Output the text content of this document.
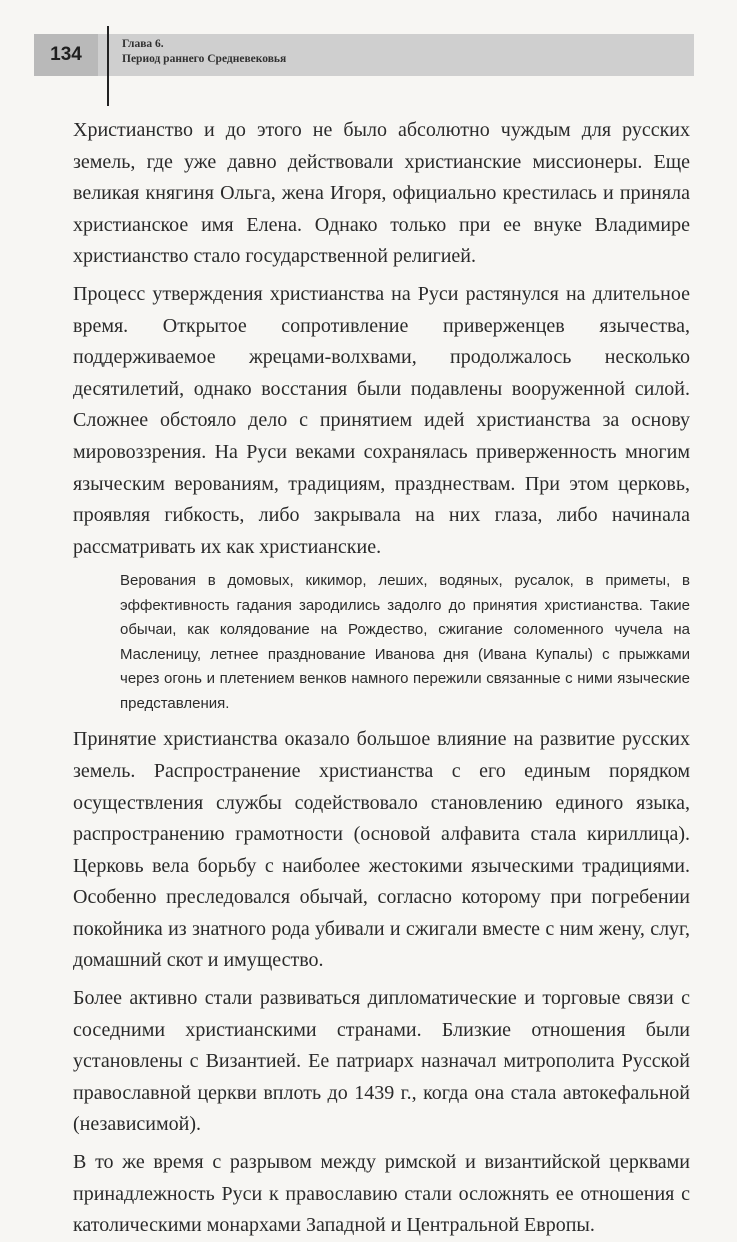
134	Глава 6.
Период раннего Средневековья

Христианство и до этого не было абсолютно чуждым для русских земель, где уже давно действовали христианские миссионеры. Еще великая княгиня Ольга, жена Игоря, официально крестилась и приняла христианское имя Елена. Однако только при ее внуке Владимире христианство стало государственной религией.

Процесс утверждения христианства на Руси растянулся на длительное время. Открытое сопротивление приверженцев язычества, поддерживаемое жрецами-волхвами, продолжалось несколько десятилетий, однако восстания были подавлены вооруженной силой. Сложнее обстояло дело с принятием идей христианства за основу мировоззрения. На Руси веками сохранялась приверженность многим языческим верованиям, традициям, празднествам. При этом церковь, проявляя гибкость, либо закрывала на них глаза, либо начинала рассматривать их как христианские.

Верования в домовых, кикимор, леших, водяных, русалок, в приметы, в эффективность гадания зародились задолго до принятия христианства. Такие обычаи, как колядование на Рождество, сжигание соломенного чучела на Масленицу, летнее празднование Иванова дня (Ивана Купалы) с прыжками через огонь и плетением венков намного пережили связанные с ними языческие представления.

Принятие христианства оказало большое влияние на развитие русских земель. Распространение христианства с его единым порядком осуществления службы содействовало становлению единого языка, распространению грамотности (основой алфавита стала кириллица). Церковь вела борьбу с наиболее жестокими языческими традициями. Особенно преследовался обычай, согласно которому при погребении покойника из знатного рода убивали и сжигали вместе с ним жену, слуг, домашний скот и имущество.

Более активно стали развиваться дипломатические и торговые связи с соседними христианскими странами. Близкие отношения были установлены с Византией. Ее патриарх назначал митрополита Русской православной церкви вплоть до 1439 г., когда она стала автокефальной (независимой).

В то же время с разрывом между римской и византийской церквами принадлежность Руси к православию стали осложнять ее отношения с католическими монархами Западной и Центральной Европы.
